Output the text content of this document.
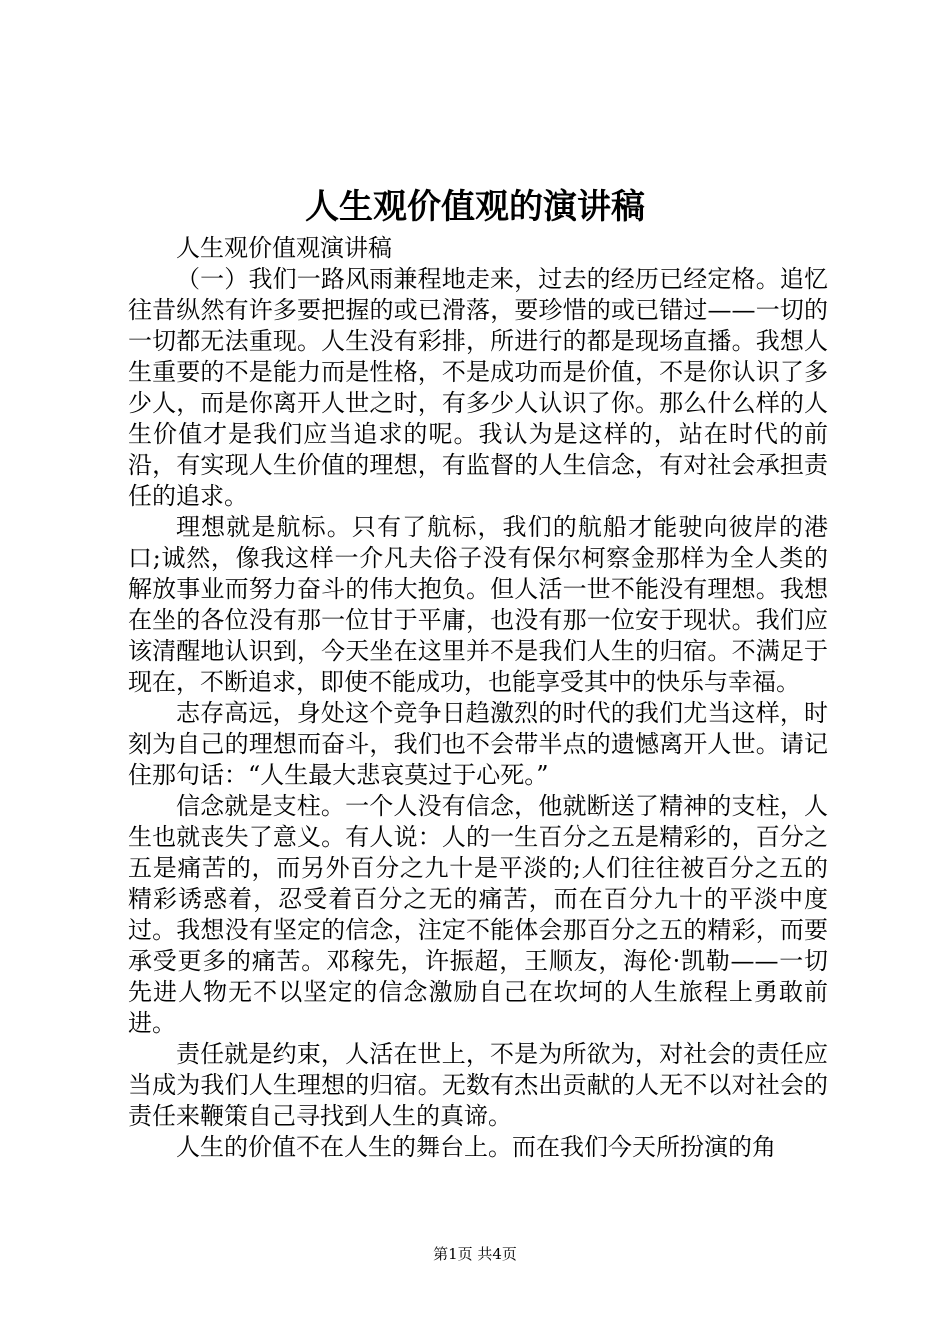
人生观价值观的演讲稿

人生观价值观演讲稿

（一）我们一路风雨兼程地走来，过去的经历已经定格。追忆往昔纵然有许多要把握的或已滑落，要珍惜的或已错过——一切的一切都无法重现。人生没有彩排，所进行的都是现场直播。我想人生重要的不是能力而是性格，不是成功而是价值，不是你认识了多少人，而是你离开人世之时，有多少人认识了你。那么什么样的人生价值才是我们应当追求的呢。我认为是这样的，站在时代的前沿，有实现人生价值的理想，有监督的人生信念，有对社会承担责任的追求。

理想就是航标。只有了航标，我们的航船才能驶向彼岸的港口;诚然，像我这样一介凡夫俗子没有保尔柯察金那样为全人类的解放事业而努力奋斗的伟大抱负。但人活一世不能没有理想。我想在坐的各位没有那一位甘于平庸，也没有那一位安于现状。我们应该清醒地认识到，今天坐在这里并不是我们人生的归宿。不满足于现在，不断追求，即使不能成功，也能享受其中的快乐与幸福。

志存高远，身处这个竞争日趋激烈的时代的我们尤当这样，时刻为自己的理想而奋斗，我们也不会带半点的遗憾离开人世。请记住那句话：“人生最大悲哀莫过于心死。”

信念就是支柱。一个人没有信念，他就断送了精神的支柱，人生也就丧失了意义。有人说：人的一生百分之五是精彩的，百分之五是痛苦的，而另外百分之九十是平淡的;人们往往被百分之五的精彩诱惑着，忍受着百分之无的痛苦，而在百分九十的平淡中度过。我想没有坚定的信念，注定不能体会那百分之五的精彩，而要承受更多的痛苦。邓稼先，许振超，王顺友，海伦·凯勒——一切先进人物无不以坚定的信念激励自己在坎坷的人生旅程上勇敢前进。

责任就是约束，人活在世上，不是为所欲为，对社会的责任应当成为我们人生理想的归宿。无数有杰出贡献的人无不以对社会的责任来鞭策自己寻找到人生的真谛。

人生的价值不在人生的舞台上。而在我们今天所扮演的角

第1页 共4页
